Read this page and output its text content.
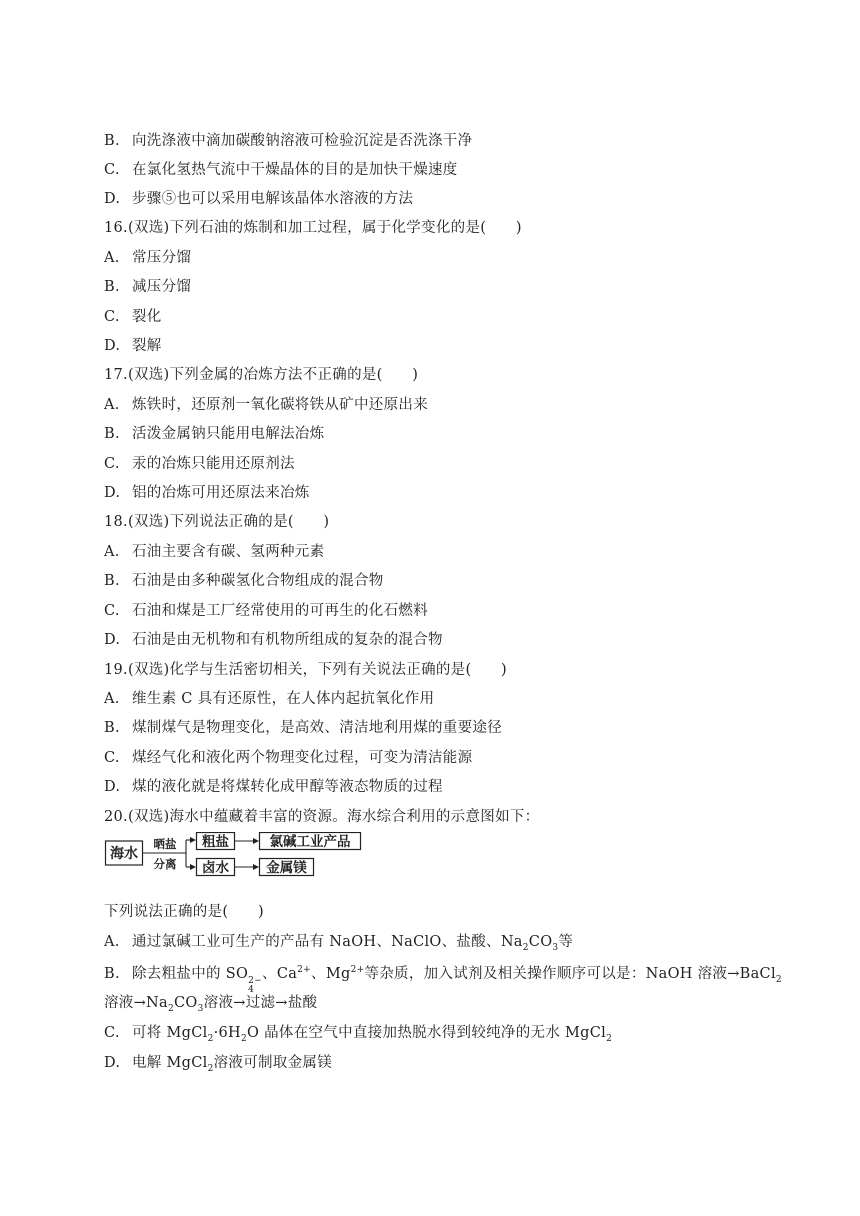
B. 向洗涤液中滴加碳酸钠溶液可检验沉淀是否洗涤干净
C. 在氯化氢热气流中干燥晶体的目的是加快干燥速度
D. 步骤⑤也可以采用电解该晶体水溶液的方法
16.(双选)下列石油的炼制和加工过程，属于化学变化的是(　　)
A. 常压分馏
B. 减压分馏
C. 裂化
D. 裂解
17.(双选)下列金属的冶炼方法不正确的是(　　)
A. 炼铁时，还原剂一氧化碳将铁从矿中还原出来
B. 活泼金属钠只能用电解法冶炼
C. 汞的冶炼只能用还原剂法
D. 铝的冶炼可用还原法来冶炼
18.(双选)下列说法正确的是(　　)
A. 石油主要含有碳、氢两种元素
B. 石油是由多种碳氢化合物组成的混合物
C. 石油和煤是工厂经常使用的可再生的化石燃料
D. 石油是由无机物和有机物所组成的复杂的混合物
19.(双选)化学与生活密切相关，下列有关说法正确的是(　　)
A. 维生素 C 具有还原性，在人体内起抗氧化作用
B. 煤制煤气是物理变化，是高效、清洁地利用煤的重要途径
C. 煤经气化和液化两个物理变化过程，可变为清洁能源
D. 煤的液化就是将煤转化成甲醇等液态物质的过程
20.(双选)海水中蕴藏着丰富的资源。海水综合利用的示意图如下：
海水
晒盐
分离
粗盐
卤水
氯碱工业产品
金属镁
下列说法正确的是(　　)
A. 通过氯碱工业可生产的产品有 NaOH、NaClO、盐酸、$Na_2CO_3$等
B. 除去粗盐中的 SO 2−
4
、$Ca^{2+}$、$Mg^{2+}$等杂质，加入试剂及相关操作顺序可以是：NaOH 溶液→BaCl$_2$
溶液$\to Na_2CO_3$溶液→过滤→盐酸
C. 可将 $MgCl_2\cdot 6H_2O$ 晶体在空气中直接加热脱水得到较纯净的无水 MgCl$_2$
D. 电解 MgCl$_2$溶液可制取金属镁
